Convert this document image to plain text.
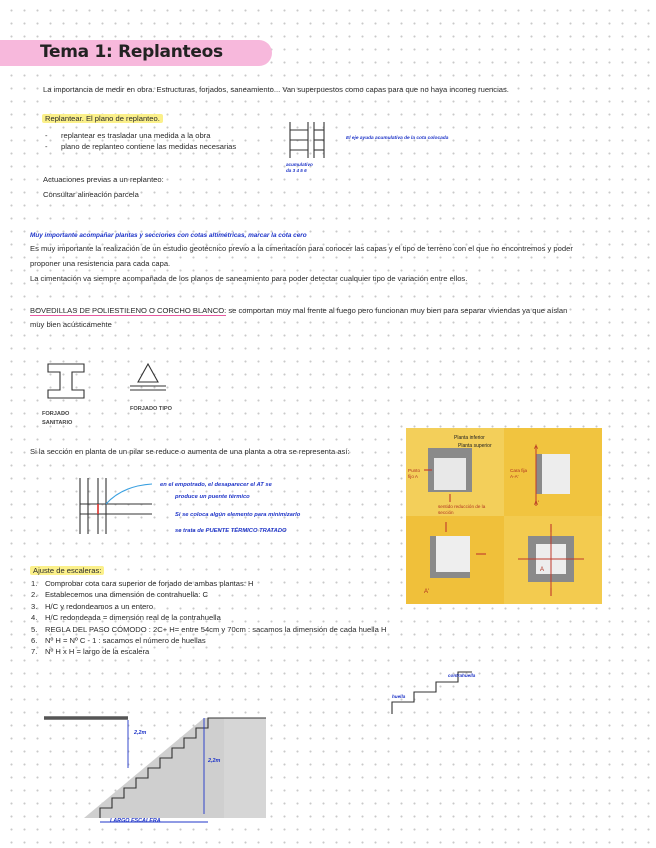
Tema 1: Replanteos
La importancia de medir en obra. Estructuras, forjados, saneamiento... Van superpuestos como capas para que no haya inconeg ruencias.
Replantear. El plano de replanteo.
- replantear es trasladar una medida a la obra
- plano de replanteo contiene las medidas necesarias
El eje ayuda acumulativa de la cota colocada
acumulativo
da 3 4 5 6
Actuaciones previas a un replanteo:
Consultar alineación parcela
Muy importante acompañar plantas y secciones con cotas altimétricas, marcar la cota cero
Es muy importante la realización de un estudio geotécnico previo a la cimentación para conocer las capas y el tipo de terreno con el que no encontremos y poder
proponer una resistencia para cada capa.
La cimentación va siempre acompañada de los planos de saneamiento para poder detectar cualquier tipo de variación entre ellos.
BOVEDILLAS DE POLIESTILENO O CORCHO BLANCO: se comportan muy mal frente al fuego pero funcionan muy bien para separar viviendas ya que aíslan
muy bien acústicamente
FORJADO
SANITARIO
FORJADO TIPO
Si la sección en planta de un pilar se reduce o aumenta de una planta a otra se representa así:
en el empotrado, el desaparecer el AT se
produce un puente térmico
Si se coloca algún elemento para minimizarlo
se trata de PUENTE TÉRMICO TRATADO
Planta inferior
Planta superior
Punto fijo A
Cara fija A-A'
sentido reducción de la sección
A
A'
A'
A
Ajuste de escaleras:
1. Comprobar cota cara superior de forjado de ambas plantas: H
2. Establecemos una dimensión de contrahuella: C
3. H/C y redondeamos a un entero
4. H/C redondeada = dimensión real de la contrahuella
5. REGLA DEL PASO CÓMODO : 2C+ H= entre 54cm y 70cm : sacamos la dimensión de cada huella H
6. Nº H = Nº C - 1 : sacamos el número de huellas
7. Nº H x H = largo de la escalera
huella
contrahuella
2,2m
2,2m
LARGO ESCALERA
